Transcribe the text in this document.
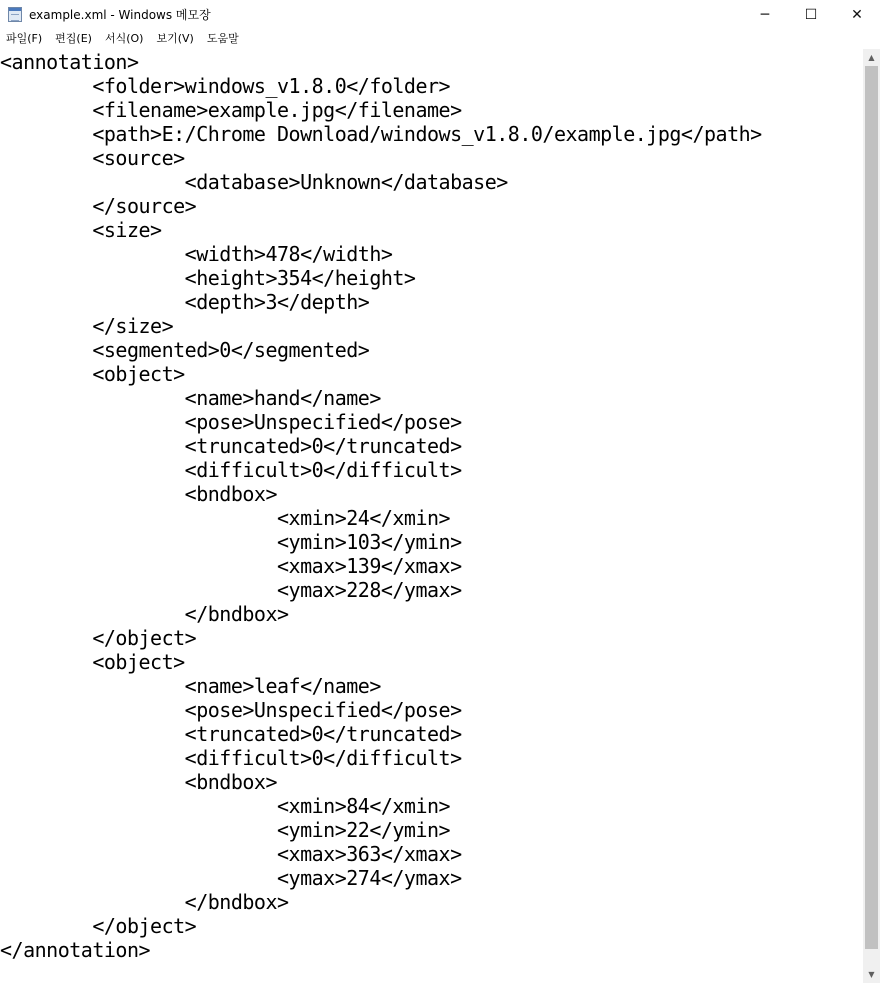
example.xml - Windows 메모장	─	☐	✕
파일(F)	편집(E)	서식(O)	보기(V)	도움말
<annotation>
	<folder>windows_v1.8.0</folder>
	<filename>example.jpg</filename>
	<path>E:/Chrome Download/windows_v1.8.0/example.jpg</path>
	<source>
		<database>Unknown</database>
	</source>
	<size>
		<width>478</width>
		<height>354</height>
		<depth>3</depth>
	</size>
	<segmented>0</segmented>
	<object>
		<name>hand</name>
		<pose>Unspecified</pose>
		<truncated>0</truncated>
		<difficult>0</difficult>
		<bndbox>
			<xmin>24</xmin>
			<ymin>103</ymin>
			<xmax>139</xmax>
			<ymax>228</ymax>
		</bndbox>
	</object>
	<object>
		<name>leaf</name>
		<pose>Unspecified</pose>
		<truncated>0</truncated>
		<difficult>0</difficult>
		<bndbox>
			<xmin>84</xmin>
			<ymin>22</ymin>
			<xmax>363</xmax>
			<ymax>274</ymax>
		</bndbox>
	</object>
</annotation>
▲
▼
